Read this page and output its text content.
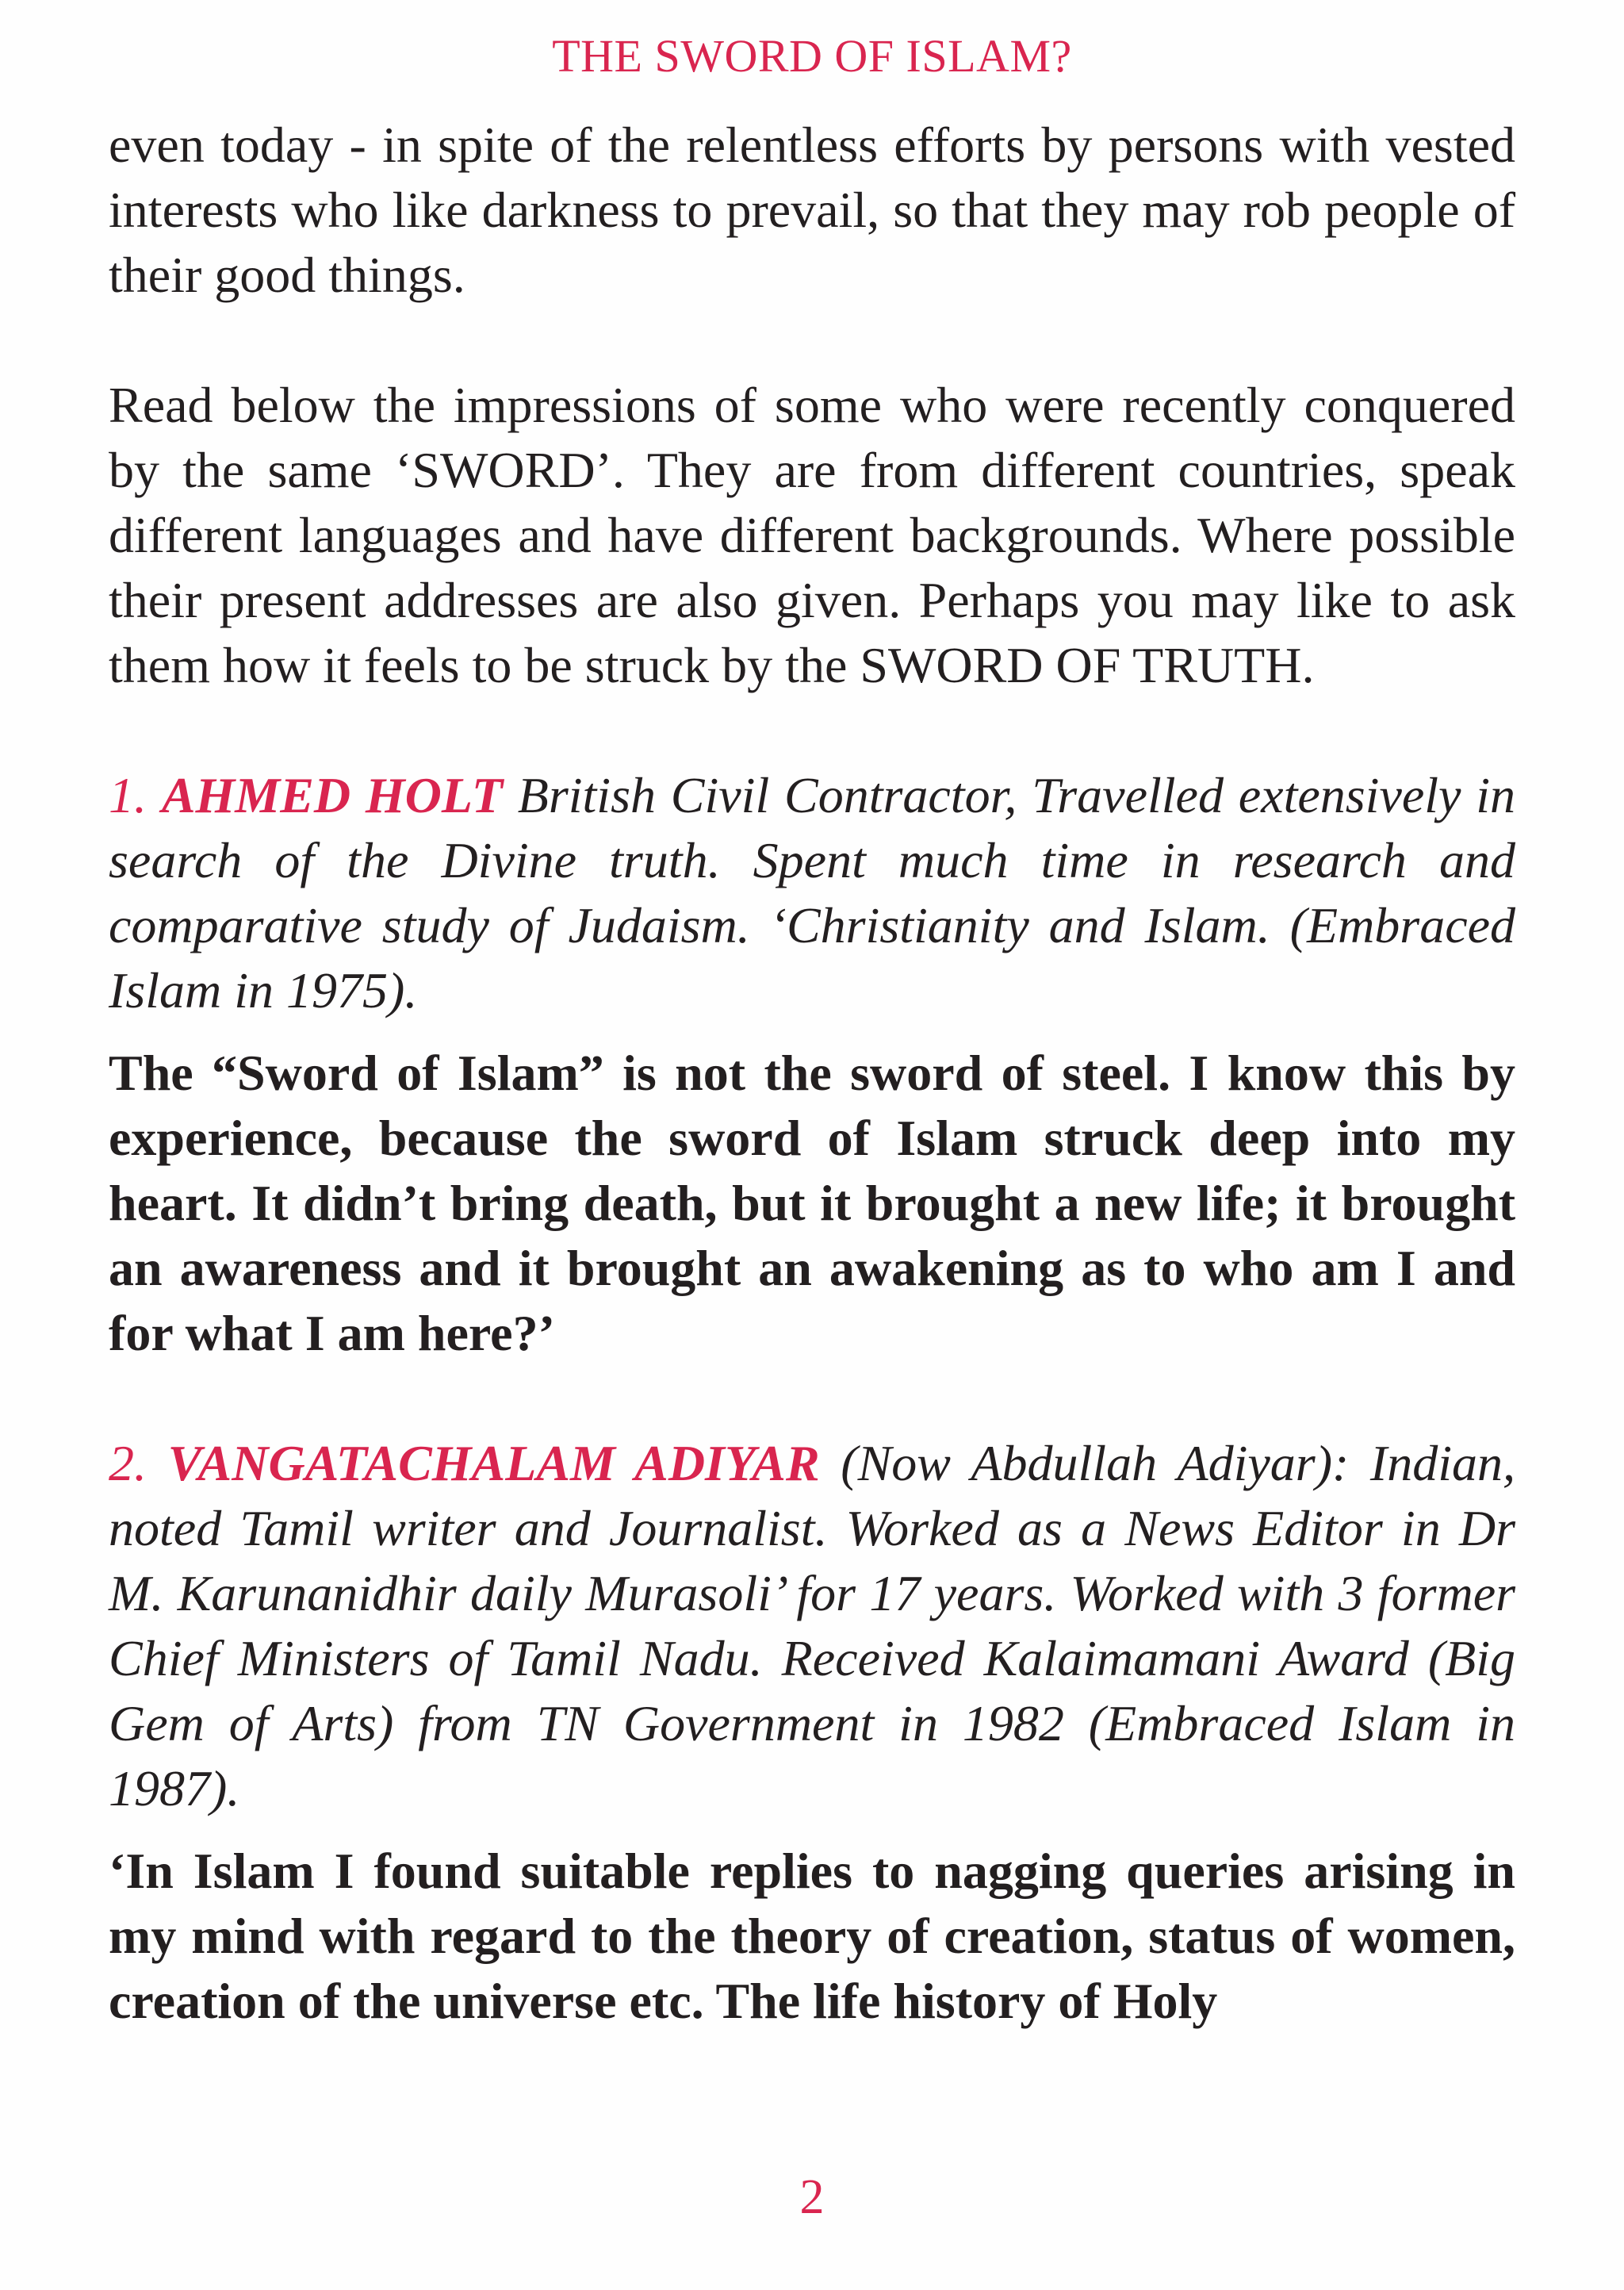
THE SWORD OF ISLAM?

even today - in spite of the relentless efforts by persons with vested interests who like darkness to prevail, so that they may rob people of their good things.

Read below the impressions of some who were recently conquered by the same ‘SWORD’. They are from different countries, speak different languages and have different backgrounds. Where possible their present addresses are also given. Perhaps you may like to ask them how it feels to be struck by the SWORD OF TRUTH.

1. AHMED HOLT British Civil Contractor, Travelled extensively in search of the Divine truth. Spent much time in research and comparative study of Judaism. ‘Christianity and Islam. (Embraced Islam in 1975).

The “Sword of Islam” is not the sword of steel. I know this by experience, because the sword of Islam struck deep into my heart. It didn’t bring death, but it brought a new life; it brought an awareness and it brought an awakening as to who am I and for what I am here?’

2. VANGATACHALAM ADIYAR (Now Abdullah Adiyar): Indian, noted Tamil writer and Journalist. Worked as a News Editor in Dr M. Karunanidhir daily Murasoli’ for 17 years. Worked with 3 former Chief Ministers of Tamil Nadu. Received Kalaimamani Award (Big Gem of Arts) from TN Government in 1982 (Embraced Islam in 1987).

‘In Islam I found suitable replies to nagging queries arising in my mind with regard to the theory of creation, status of women, creation of the universe etc. The life history of Holy

2
